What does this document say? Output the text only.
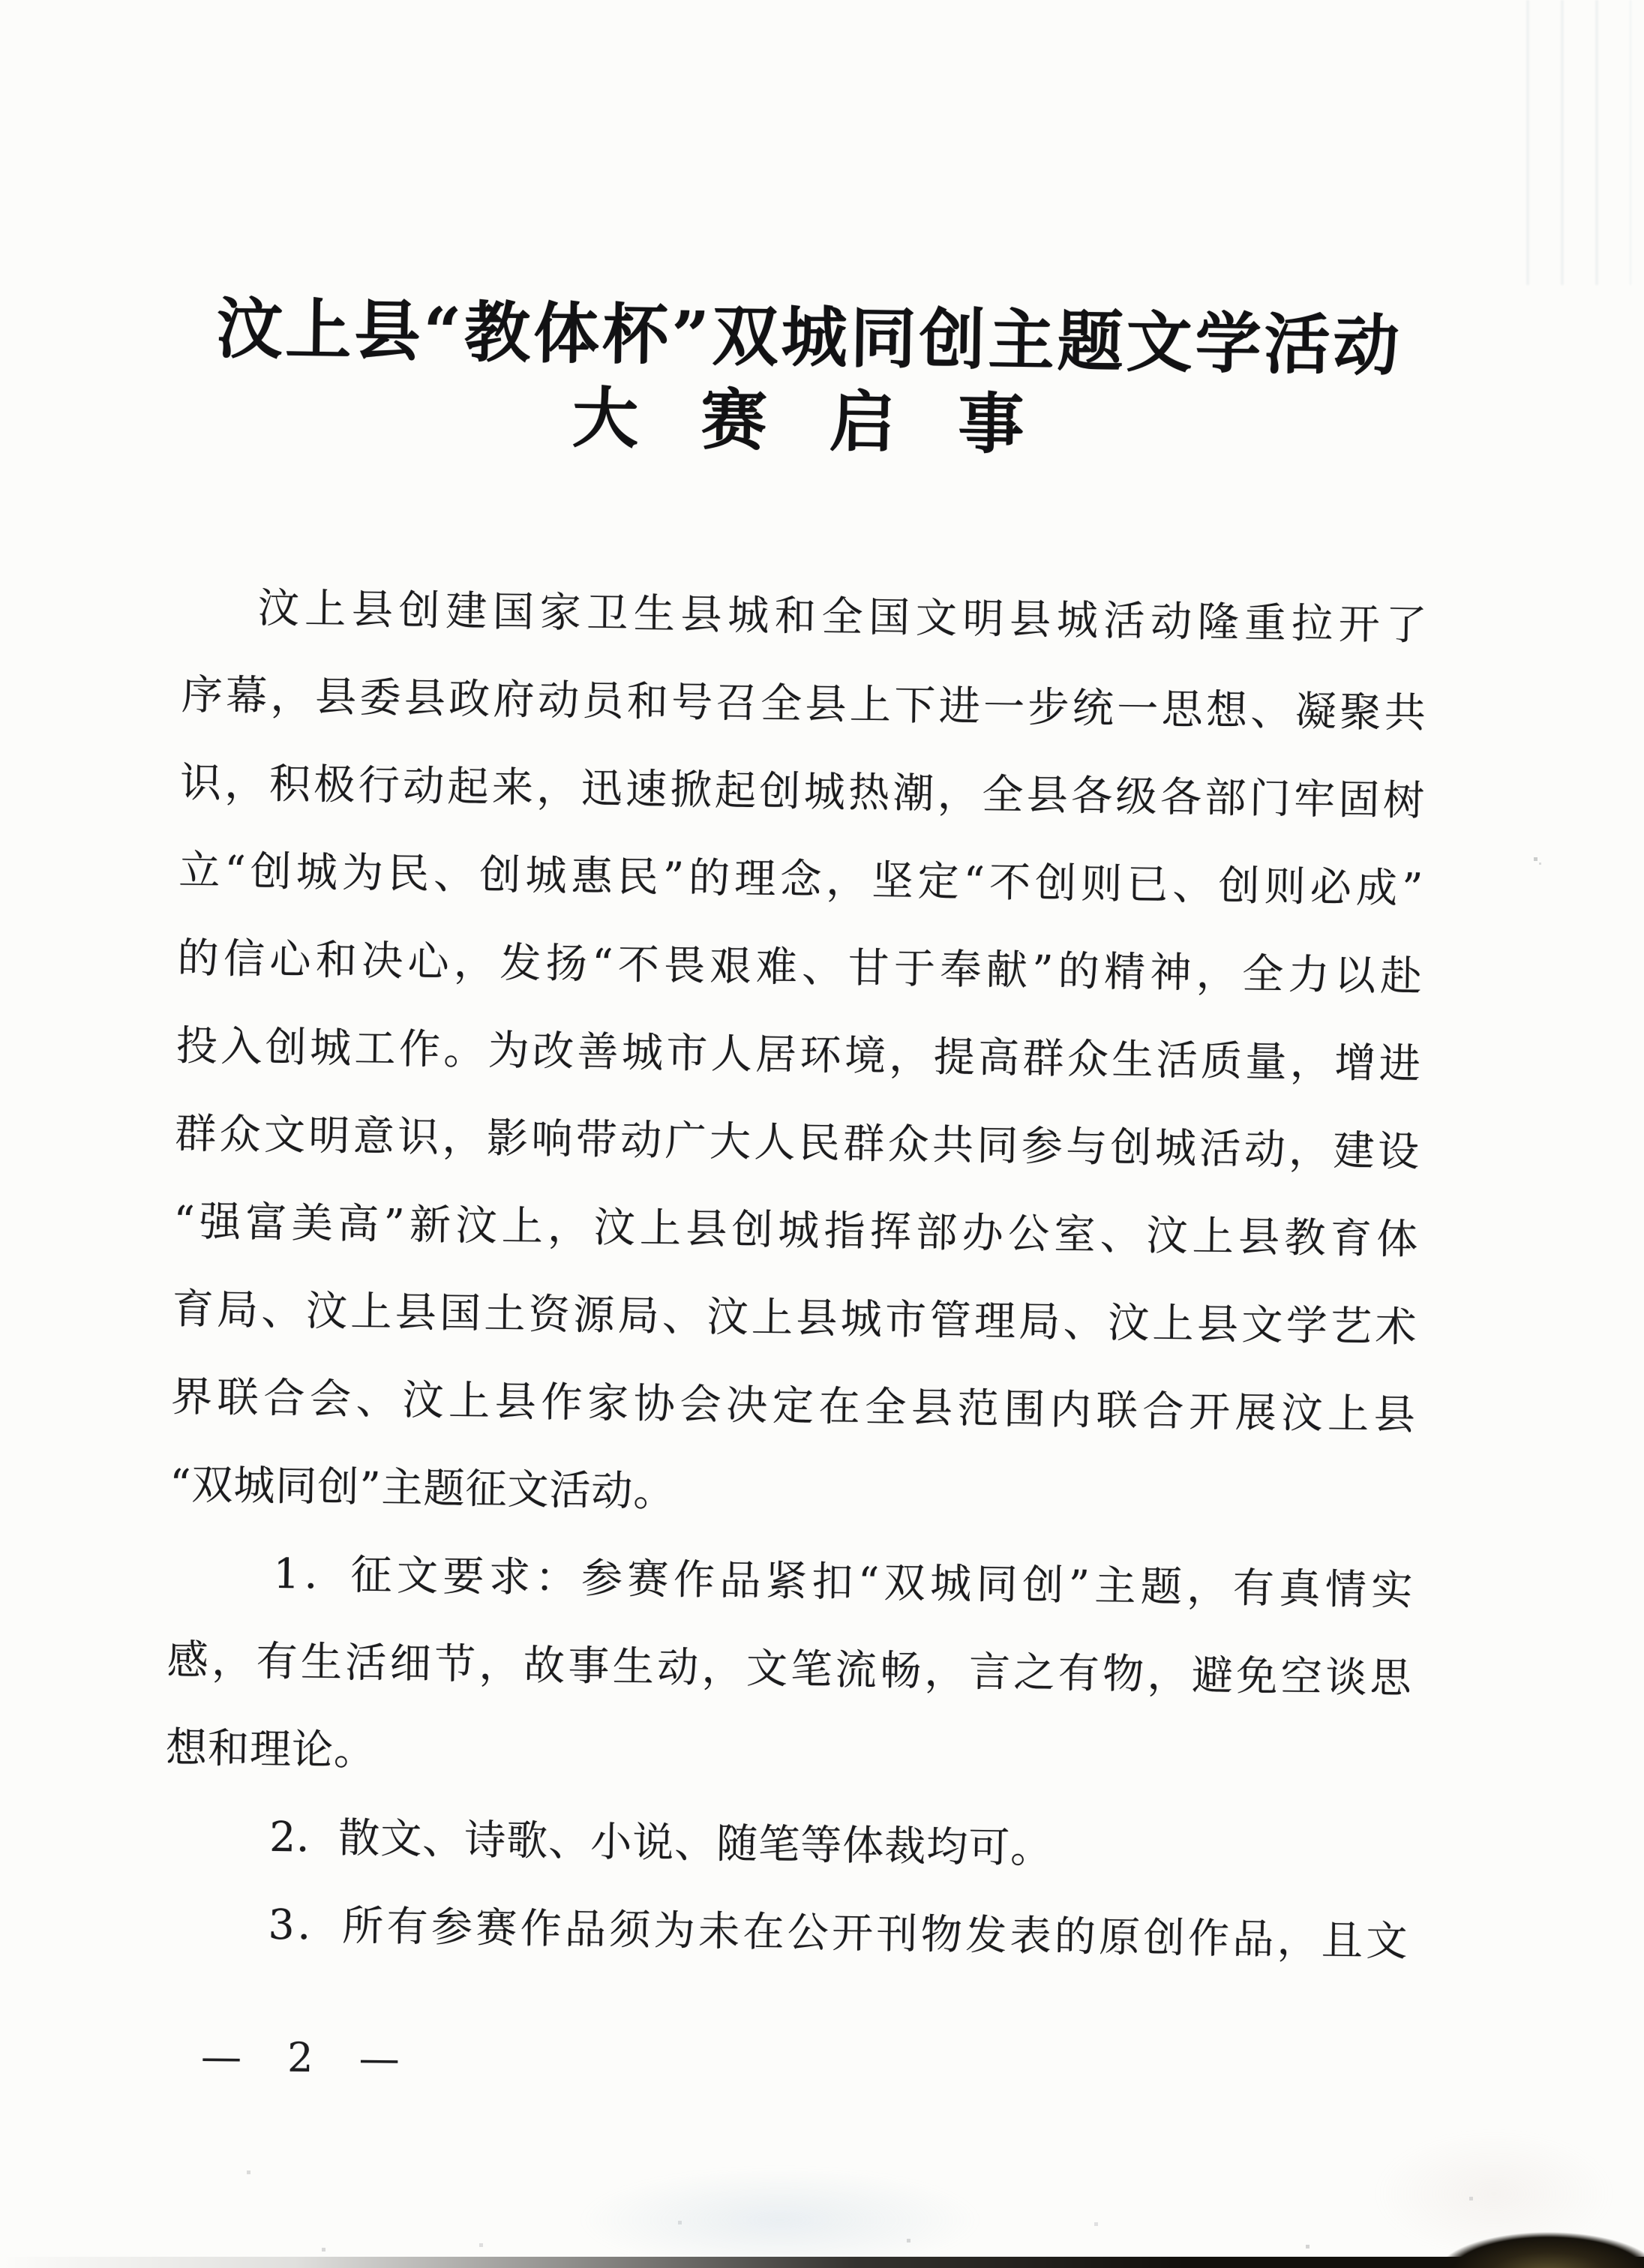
汶上县“教体杯”双城同创主题文学活动
大 赛 启 事
汶上县创建国家卫生县城和全国文明县城活动隆重拉开了
序幕，县委县政府动员和号召全县上下进一步统一思想、凝聚共
识，积极行动起来，迅速掀起创城热潮，全县各级各部门牢固树
立“创城为民、创城惠民”的理念，坚定“不创则已、创则必成”
的信心和决心，发扬“不畏艰难、甘于奉献”的精神，全力以赴
投入创城工作。为改善城市人居环境，提高群众生活质量，增进
群众文明意识，影响带动广大人民群众共同参与创城活动，建设
“强富美高”新汶上，汶上县创城指挥部办公室、汶上县教育体
育局、汶上县国土资源局、汶上县城市管理局、汶上县文学艺术
界联合会、汶上县作家协会决定在全县范围内联合开展汶上县
“双城同创”主题征文活动。
1．征文要求：参赛作品紧扣“双城同创”主题，有真情实
感，有生活细节，故事生动，文笔流畅，言之有物，避免空谈思
想和理论。
2．散文、诗歌、小说、随笔等体裁均可。
3．所有参赛作品须为未在公开刊物发表的原创作品，且文
— 2 —
